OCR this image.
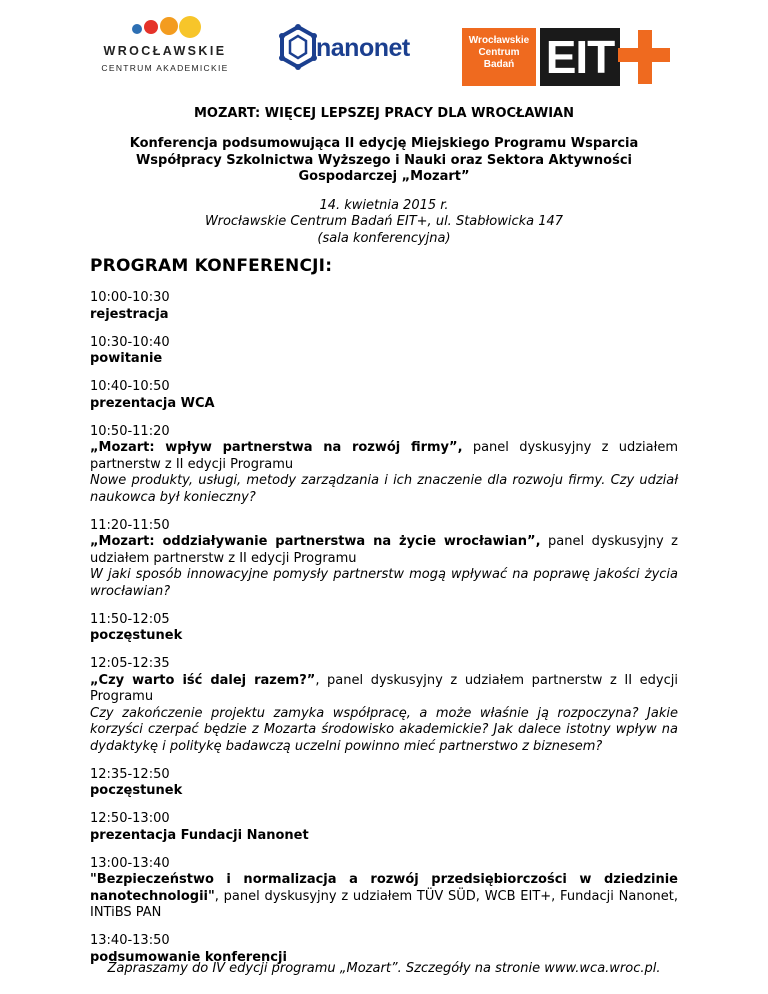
WROCŁAWSKIE
CENTRUM AKADEMICKIE
nanonet	Wrocławskie
Centrum
Badań EIT
MOZART: WIĘCEJ LEPSZEJ PRACY DLA WROCŁAWIAN
Konferencja podsumowująca II edycję Miejskiego Programu Wsparcia
Współpracy Szkolnictwa Wyższego i Nauki oraz Sektora Aktywności
Gospodarczej „Mozart”
14. kwietnia 2015 r.
Wrocławskie Centrum Badań EIT+, ul. Stabłowicka 147
(sala konferencyjna)
PROGRAM KONFERENCJI:
10:00-10:30
rejestracja
10:30-10:40
powitanie
10:40-10:50
prezentacja WCA
10:50-11:20
„Mozart: wpływ partnerstwa na rozwój firmy”, panel dyskusyjny z udziałem partnerstw z II edycji Programu
Nowe produkty, usługi, metody zarządzania i ich znaczenie dla rozwoju firmy. Czy udział naukowca był konieczny?
11:20-11:50
„Mozart: oddziaływanie partnerstwa na życie wrocławian”, panel dyskusyjny z udziałem partnerstw z II edycji Programu
W jaki sposób innowacyjne pomysły partnerstw mogą wpływać na poprawę jakości życia wrocławian?
11:50-12:05
poczęstunek
12:05-12:35
„Czy warto iść dalej razem?”, panel dyskusyjny z udziałem partnerstw z II edycji Programu
Czy zakończenie projektu zamyka współpracę, a może właśnie ją rozpoczyna? Jakie korzyści czerpać będzie z Mozarta środowisko akademickie? Jak dalece istotny wpływ na dydaktykę i politykę badawczą uczelni powinno mieć partnerstwo z biznesem?
12:35-12:50
poczęstunek
12:50-13:00
prezentacja Fundacji Nanonet
13:00-13:40
"Bezpieczeństwo i normalizacja a rozwój przedsiębiorczości w dziedzinie nanotechnologii", panel dyskusyjny z udziałem TÜV SÜD, WCB EIT+, Fundacji Nanonet, INTiBS PAN
13:40-13:50
podsumowanie konferencji
Zapraszamy do IV edycji programu „Mozart”. Szczegóły na stronie www.wca.wroc.pl.
